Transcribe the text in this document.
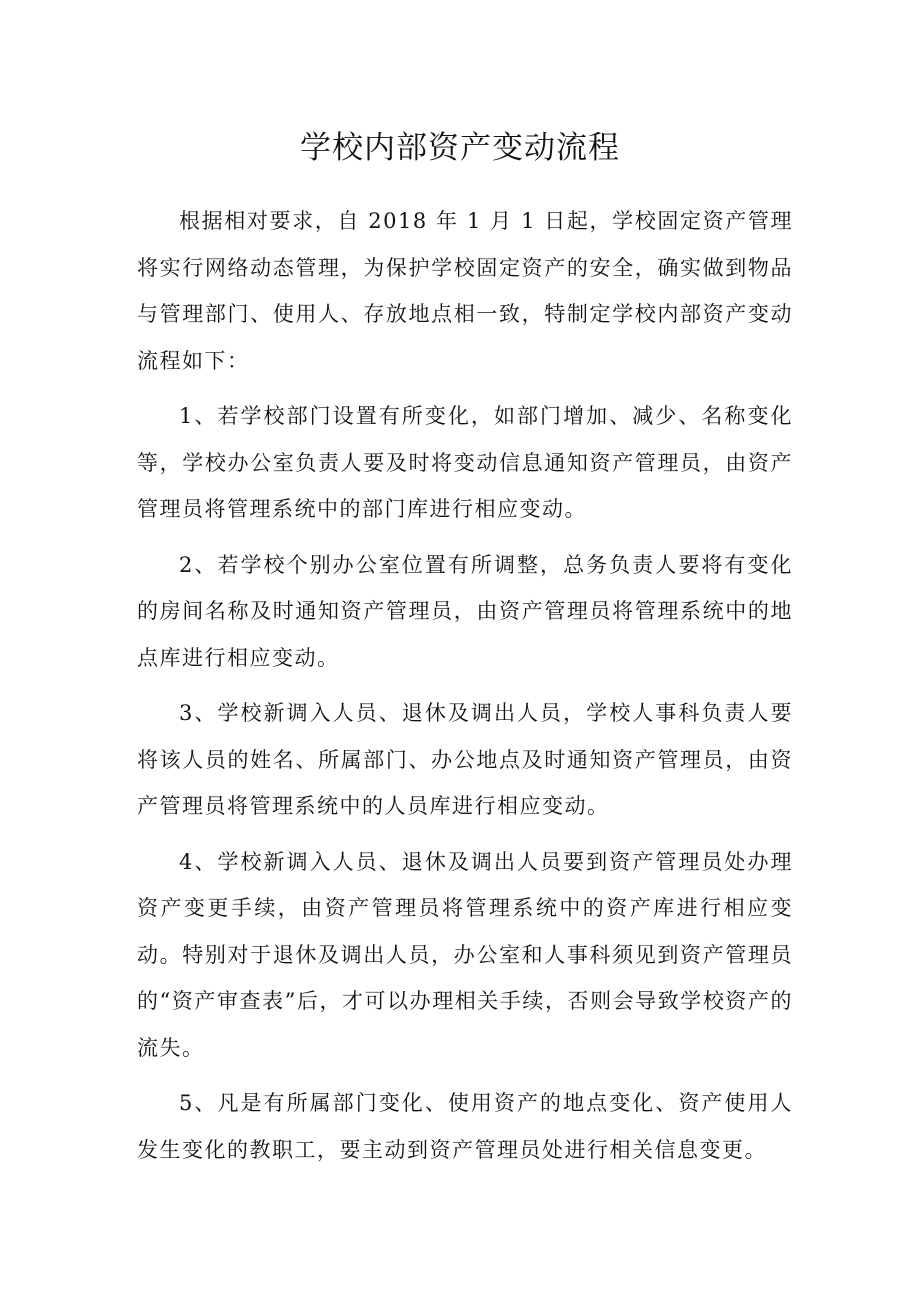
学校内部资产变动流程

根据相对要求，自 2018 年 1 月 1 日起，学校固定资产管理将实行网络动态管理，为保护学校固定资产的安全，确实做到物品与管理部门、使用人、存放地点相一致，特制定学校内部资产变动流程如下：

1、若学校部门设置有所变化，如部门增加、减少、名称变化等，学校办公室负责人要及时将变动信息通知资产管理员，由资产管理员将管理系统中的部门库进行相应变动。

2、若学校个别办公室位置有所调整，总务负责人要将有变化的房间名称及时通知资产管理员，由资产管理员将管理系统中的地点库进行相应变动。

3、学校新调入人员、退休及调出人员，学校人事科负责人要将该人员的姓名、所属部门、办公地点及时通知资产管理员，由资产管理员将管理系统中的人员库进行相应变动。

4、学校新调入人员、退休及调出人员要到资产管理员处办理资产变更手续，由资产管理员将管理系统中的资产库进行相应变动。特别对于退休及调出人员，办公室和人事科须见到资产管理员的“资产审查表”后，才可以办理相关手续，否则会导致学校资产的流失。

5、凡是有所属部门变化、使用资产的地点变化、资产使用人发生变化的教职工，要主动到资产管理员处进行相关信息变更。
